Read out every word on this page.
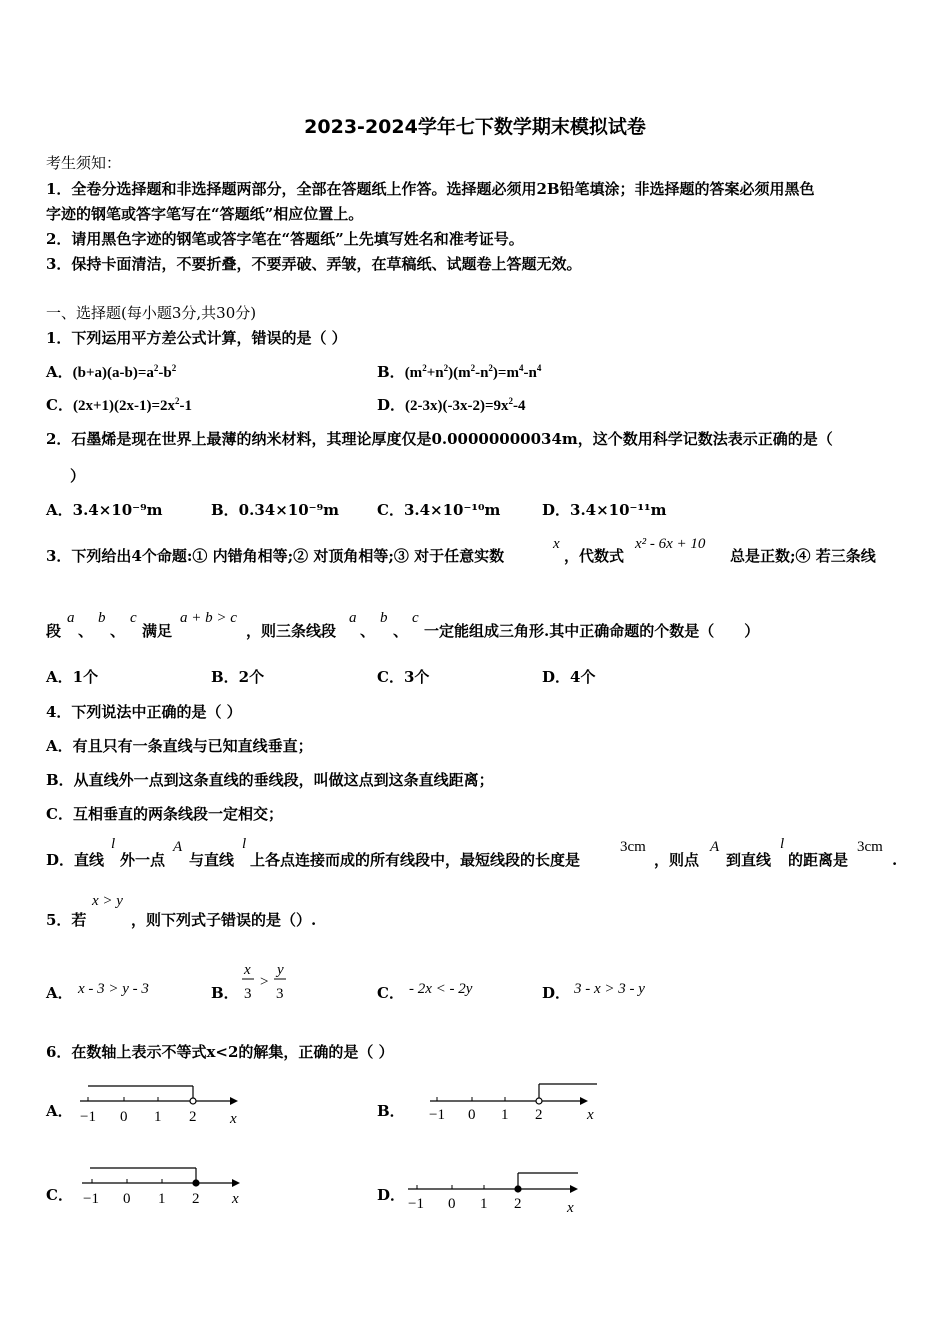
2023-2024学年七下数学期末模拟试卷
考生须知：
1．全卷分选择题和非选择题两部分，全部在答题纸上作答。选择题必须用2B铅笔填涂；非选择题的答案必须用黑色
字迹的钢笔或答字笔写在“答题纸”相应位置上。
2．请用黑色字迹的钢笔或答字笔在“答题纸”上先填写姓名和准考证号。
3．保持卡面清洁，不要折叠，不要弄破、弄皱，在草稿纸、试题卷上答题无效。
一、选择题(每小题3分,共30分)
1．下列运用平方差公式计算，错误的是（ ）
A．$(b+a)(a-b)=a^2-b^2$	B．$(m^2+n^2)(m^2-n^2)=m^4-n^4$
C．$(2x+1)(2x-1)=2x^2-1$	D．$(2-3x)(-3x-2)=9x^2-4$
2．石墨烯是现在世界上最薄的纳米材料，其理论厚度仅是0.00000000034m，这个数用科学记数法表示正确的是（
）
A．3.4×10⁻⁹m	B．0.34×10⁻⁹m	C．3.4×10⁻¹⁰m	D．3.4×10⁻¹¹m
3．下列给出4个命题:① 内错角相等;② 对顶角相等;③ 对于任意实数
x
，代数式
x² - 6x + 10
总是正数;④ 若三条线
段
a
、
b
、
c
满足
a + b > c
，则三条线段
a
、
b
、
c
一定能组成三角形.其中正确命题的个数是（　　）
A．1个	B．2个	C．3个	D．4个
4．下列说法中正确的是（ ）
A．有且只有一条直线与已知直线垂直；
B．从直线外一点到这条直线的垂线段，叫做这点到这条直线距离；
C．互相垂直的两条线段一定相交；
D．直线
l
外一点
A
与直线
l
上各点连接而成的所有线段中，最短线段的长度是
3cm
，则点
A
到直线
l
的距离是
3cm
.
5．若
x > y
，则下列式子错误的是（）.
A． x - 3 > y - 3	B．
x
3
>
y
3	C． - 2x < - 2y	D． 3 - x > 3 - y
6．在数轴上表示不等式x<2的解集，正确的是（ ）
A． −1 0 1 2 x	B． −1 0 1 2	x
C． −1 0 1 2 x	D． −1 0 1 2	x
